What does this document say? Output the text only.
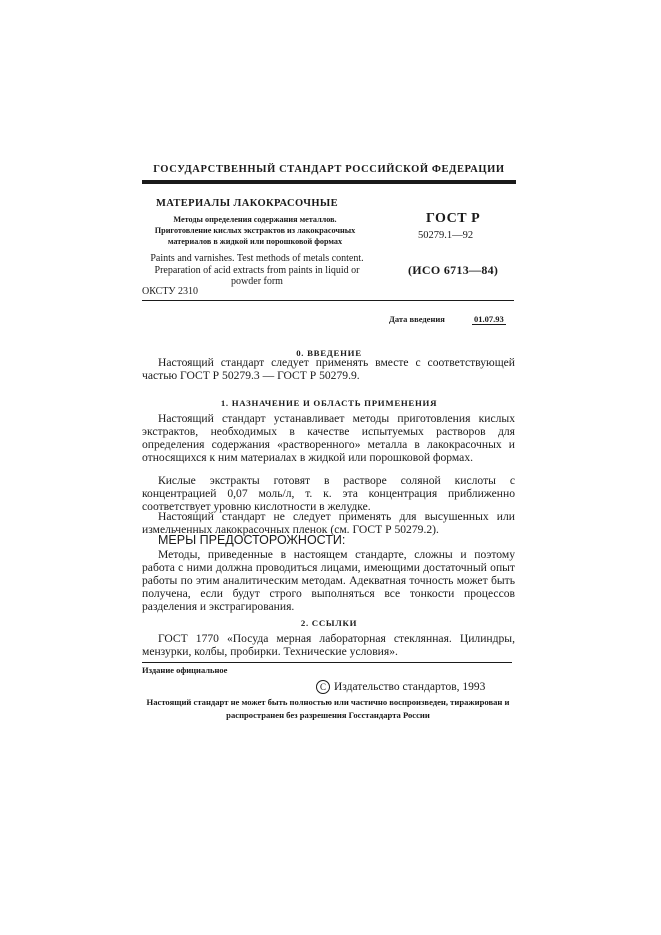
ГОСУДАРСТВЕННЫЙ СТАНДАРТ РОССИЙСКОЙ ФЕДЕРАЦИИ
МАТЕРИАЛЫ ЛАКОКРАСОЧНЫЕ
Методы определения содержания металлов.
Приготовление кислых экстрактов из лакокрасочных
материалов в жидкой или порошковой формах
ГОСТ Р
50279.1—92
Paints and varnishes. Test methods of metals content. Preparation of acid extracts from paints in liquid or powder form
(ИСО 6713—84)
ОКСТУ 2310
Дата введения	01.07.93
0. ВВЕДЕНИЕ

Настоящий стандарт следует применять вместе с соответствующей частью ГОСТ Р 50279.3 — ГОСТ Р 50279.9.

1. НАЗНАЧЕНИЕ И ОБЛАСТЬ ПРИМЕНЕНИЯ

Настоящий стандарт устанавливает методы приготовления кислых экстрактов, необходимых в качестве испытуемых растворов для определения содержания «растворенного» металла в лакокрасочных и относящихся к ним материалах в жидкой или порошковой формах.

Кислые экстракты готовят в растворе соляной кислоты с концентрацией 0,07 моль/л, т. к. эта концентрация приближенно соответствует уровню кислотности в желудке.

Настоящий стандарт не следует применять для высушенных или измельченных лакокрасочных пленок (см. ГОСТ Р 50279.2).

МЕРЫ ПРЕДОСТОРОЖНОСТИ:

Методы, приведенные в настоящем стандарте, сложны и поэтому работа с ними должна проводиться лицами, имеющими достаточный опыт работы по этим аналитическим методам. Адекватная точность может быть получена, если будут строго выполняться все тонкости процессов разделения и экстрагирования.

2. ССЫЛКИ

ГОСТ 1770 «Посуда мерная лабораторная стеклянная. Цилиндры, мензурки, колбы, пробирки. Технические условия».

Издание официальное
C Издательство стандартов, 1993
Настоящий стандарт не может быть полностью или частично воспроизведен, тиражирован и распространен без разрешения Госстандарта России
